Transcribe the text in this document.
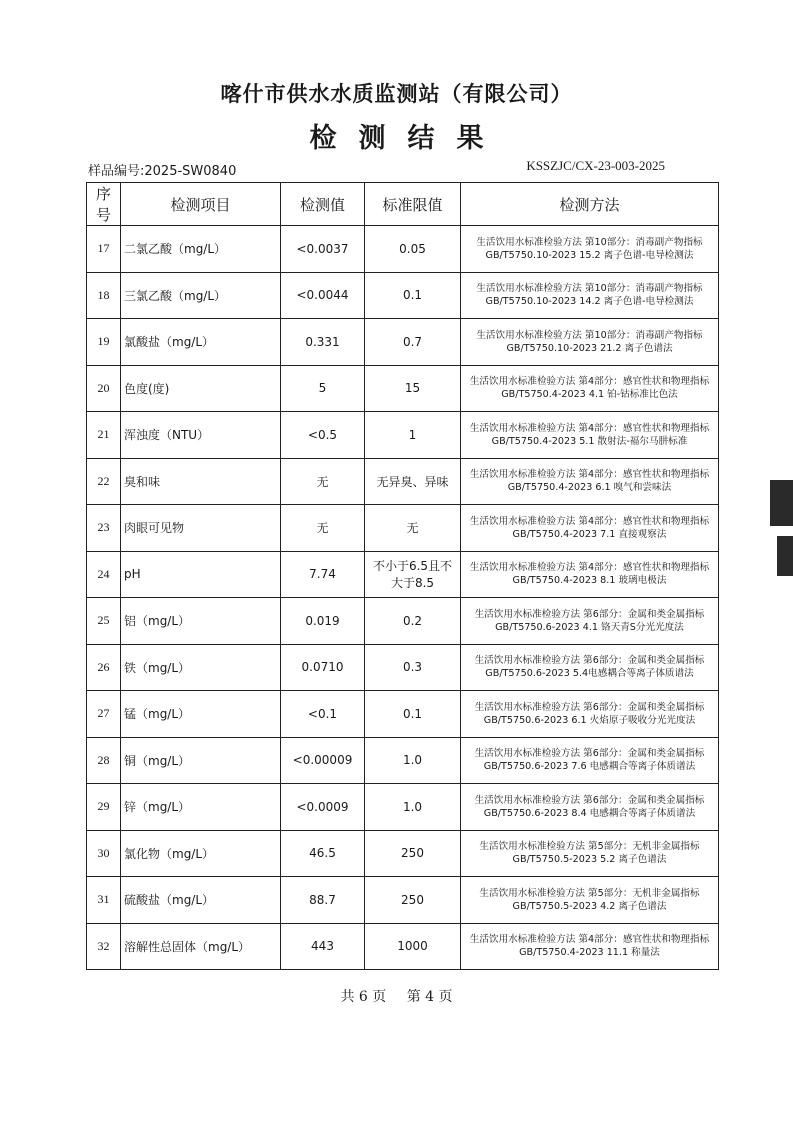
喀什市供水水质监测站（有限公司）
检测结果
样品编号:2025-SW0840	KSSZJC/CX-23-003-2025
序号	检测项目	检测值	标准限值	检测方法
17	二氯乙酸（mg/L）	<0.0037	0.05	生活饮用水标准检验方法 第10部分：消毒副产物指标 GB/T5750.10-2023 15.2 离子色谱-电导检测法
18	三氯乙酸（mg/L）	<0.0044	0.1	生活饮用水标准检验方法 第10部分：消毒副产物指标 GB/T5750.10-2023 14.2 离子色谱-电导检测法
19	氯酸盐（mg/L）	0.331	0.7	生活饮用水标准检验方法 第10部分：消毒副产物指标 GB/T5750.10-2023 21.2 离子色谱法
20	色度(度)	5	15	生活饮用水标准检验方法 第4部分：感官性状和物理指标 GB/T5750.4-2023 4.1 铂-钴标准比色法
21	浑浊度（NTU）	<0.5	1	生活饮用水标准检验方法 第4部分：感官性状和物理指标 GB/T5750.4-2023 5.1 散射法-福尔马肼标准
22	臭和味	无	无异臭、异味	生活饮用水标准检验方法 第4部分：感官性状和物理指标 GB/T5750.4-2023 6.1 嗅气和尝味法
23	肉眼可见物	无	无	生活饮用水标准检验方法 第4部分：感官性状和物理指标 GB/T5750.4-2023 7.1 直接观察法
24	pH	7.74	不小于6.5且不大于8.5	生活饮用水标准检验方法 第4部分：感官性状和物理指标 GB/T5750.4-2023 8.1 玻璃电极法
25	铝（mg/L）	0.019	0.2	生活饮用水标准检验方法 第6部分：金属和类金属指标 GB/T5750.6-2023 4.1 铬天青S分光光度法
26	铁（mg/L）	0.0710	0.3	生活饮用水标准检验方法 第6部分：金属和类金属指标 GB/T5750.6-2023 5.4电感耦合等离子体质谱法
27	锰（mg/L）	<0.1	0.1	生活饮用水标准检验方法 第6部分：金属和类金属指标 GB/T5750.6-2023 6.1 火焰原子吸收分光光度法
28	铜（mg/L）	<0.00009	1.0	生活饮用水标准检验方法 第6部分：金属和类金属指标 GB/T5750.6-2023 7.6 电感耦合等离子体质谱法
29	锌（mg/L）	<0.0009	1.0	生活饮用水标准检验方法 第6部分：金属和类金属指标 GB/T5750.6-2023 8.4 电感耦合等离子体质谱法
30	氯化物（mg/L）	46.5	250	生活饮用水标准检验方法 第5部分：无机非金属指标 GB/T5750.5-2023 5.2 离子色谱法
31	硫酸盐（mg/L）	88.7	250	生活饮用水标准检验方法 第5部分：无机非金属指标 GB/T5750.5-2023 4.2 离子色谱法
32	溶解性总固体（mg/L）	443	1000	生活饮用水标准检验方法 第4部分：感官性状和物理指标 GB/T5750.4-2023 11.1 称量法
共 6 页 第 4 页
